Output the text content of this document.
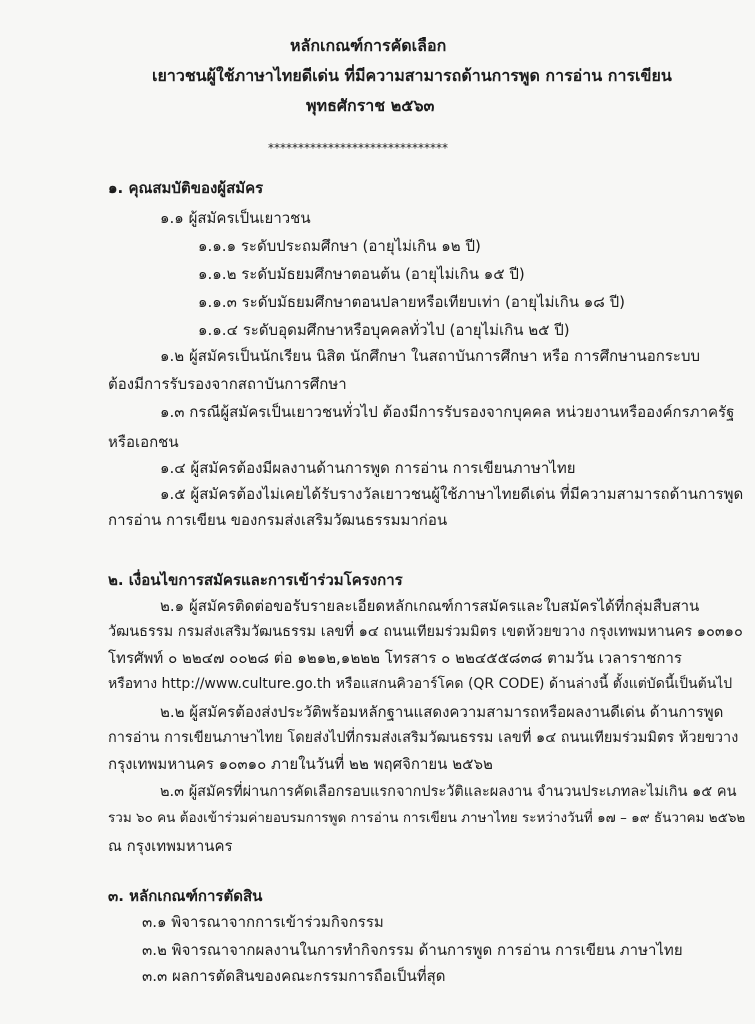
หลักเกณฑ์การคัดเลือก
เยาวชนผู้ใช้ภาษาไทยดีเด่น ที่มีความสามารถด้านการพูด การอ่าน การเขียน
พุทธศักราช ๒๕๖๓
******************************
๑. คุณสมบัติของผู้สมัคร
๑.๑ ผู้สมัครเป็นเยาวชน
๑.๑.๑ ระดับประถมศึกษา (อายุไม่เกิน ๑๒ ปี)
๑.๑.๒ ระดับมัธยมศึกษาตอนต้น (อายุไม่เกิน ๑๕ ปี)
๑.๑.๓ ระดับมัธยมศึกษาตอนปลายหรือเทียบเท่า (อายุไม่เกิน ๑๘ ปี)
๑.๑.๔ ระดับอุดมศึกษาหรือบุคคลทั่วไป (อายุไม่เกิน ๒๕ ปี)
๑.๒ ผู้สมัครเป็นนักเรียน นิสิต นักศึกษา ในสถาบันการศึกษา หรือ การศึกษานอกระบบ
ต้องมีการรับรองจากสถาบันการศึกษา
๑.๓ กรณีผู้สมัครเป็นเยาวชนทั่วไป ต้องมีการรับรองจากบุคคล หน่วยงานหรือองค์กรภาครัฐ
หรือเอกชน
๑.๔ ผู้สมัครต้องมีผลงานด้านการพูด การอ่าน การเขียนภาษาไทย
๑.๕ ผู้สมัครต้องไม่เคยได้รับรางวัลเยาวชนผู้ใช้ภาษาไทยดีเด่น ที่มีความสามารถด้านการพูด
การอ่าน การเขียน ของกรมส่งเสริมวัฒนธรรมมาก่อน
๒. เงื่อนไขการสมัครและการเข้าร่วมโครงการ
๒.๑ ผู้สมัครติดต่อขอรับรายละเอียดหลักเกณฑ์การสมัครและใบสมัครได้ที่กลุ่มสืบสาน
วัฒนธรรม กรมส่งเสริมวัฒนธรรม เลขที่ ๑๔ ถนนเทียมร่วมมิตร เขตห้วยขวาง กรุงเทพมหานคร ๑๐๓๑๐
โทรศัพท์ ๐ ๒๒๔๗ ๐๐๒๘ ต่อ ๑๒๑๒,๑๒๒๒ โทรสาร ๐ ๒๒๔๕๕๘๓๘ ตามวัน เวลาราชการ
หรือทาง http://www.culture.go.th หรือแสกนคิวอาร์โคด (QR CODE) ด้านล่างนี้ ตั้งแต่บัดนี้เป็นต้นไป
๒.๒ ผู้สมัครต้องส่งประวัติพร้อมหลักฐานแสดงความสามารถหรือผลงานดีเด่น ด้านการพูด
การอ่าน การเขียนภาษาไทย โดยส่งไปที่กรมส่งเสริมวัฒนธรรม เลขที่ ๑๔ ถนนเทียมร่วมมิตร ห้วยขวาง
กรุงเทพมหานคร ๑๐๓๑๐ ภายในวันที่ ๒๒ พฤศจิกายน ๒๕๖๒
๒.๓ ผู้สมัครที่ผ่านการคัดเลือกรอบแรกจากประวัติและผลงาน จำนวนประเภทละไม่เกิน ๑๕ คน
รวม ๖๐ คน ต้องเข้าร่วมค่ายอบรมการพูด การอ่าน การเขียน ภาษาไทย ระหว่างวันที่ ๑๗ – ๑๙ ธันวาคม ๒๕๖๒
ณ กรุงเทพมหานคร
๓. หลักเกณฑ์การตัดสิน
๓.๑ พิจารณาจากการเข้าร่วมกิจกรรม
๓.๒ พิจารณาจากผลงานในการทำกิจกรรม ด้านการพูด การอ่าน การเขียน ภาษาไทย
๓.๓ ผลการตัดสินของคณะกรรมการถือเป็นที่สุด
